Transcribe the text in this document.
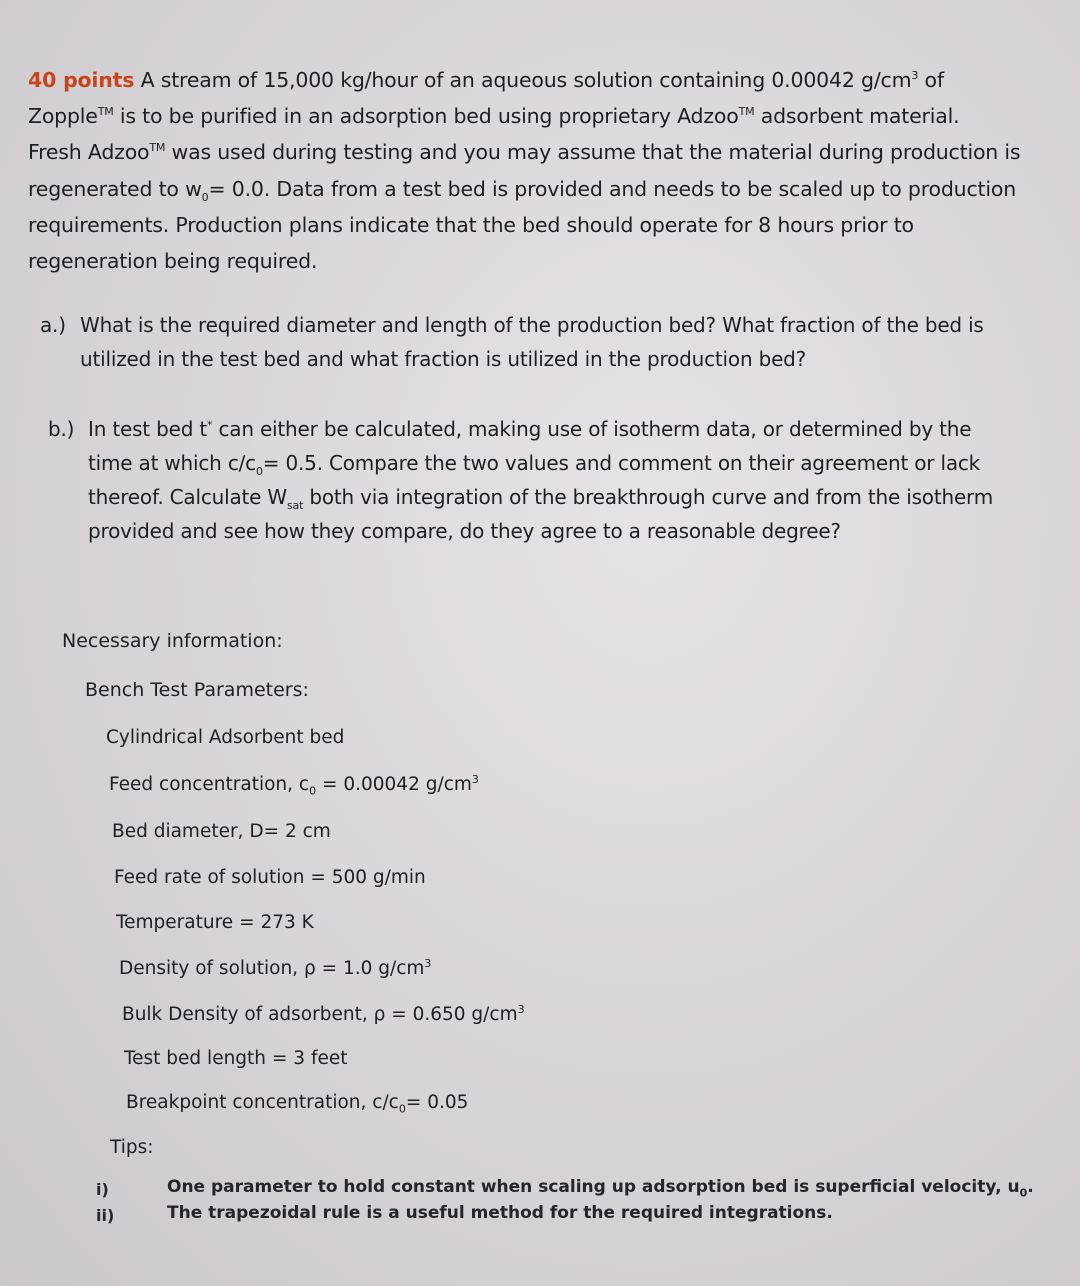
40 points A stream of 15,000 kg/hour of an aqueous solution containing 0.00042 $g/cm^3$ of
Zopple™ is to be purified in an adsorption bed using proprietary Adzoo™ adsorbent material.
Fresh Adzoo™ was used during testing and you may assume that the material during production is
regenerated to $w_0= 0.0$. Data from a test bed is provided and needs to be scaled up to production
requirements. Production plans indicate that the bed should operate for 8 hours prior to
regeneration being required.
a.) What is the required diameter and length of the production bed? What fraction of the bed is
utilized in the test bed and what fraction is utilized in the production bed?
b.) In test bed t* can either be calculated, making use of isotherm data, or determined by the
time at which $c/c_0= 0.5$. Compare the two values and comment on their agreement or lack
thereof. Calculate $W_{sat}$ both via integration of the breakthrough curve and from the isotherm
provided and see how they compare, do they agree to a reasonable degree?
Necessary information:
Bench Test Parameters:
Cylindrical Adsorbent bed
Feed concentration, $c_0 = 0.00042$ $g/cm^3$
Bed diameter, D= 2 cm
Feed rate of solution = 500 g/min
Temperature = 273 K
Density of solution, ρ = 1.0 $g/cm^3$
Bulk Density of adsorbent, ρ = 0.650 $g/cm^3$
Test bed length = 3 feet
Breakpoint concentration, $c/c_0= 0.05$
Tips:
i)	One parameter to hold constant when scaling up adsorption bed is superficial velocity, $u_0$.
ii)	The trapezoidal rule is a useful method for the required integrations.
